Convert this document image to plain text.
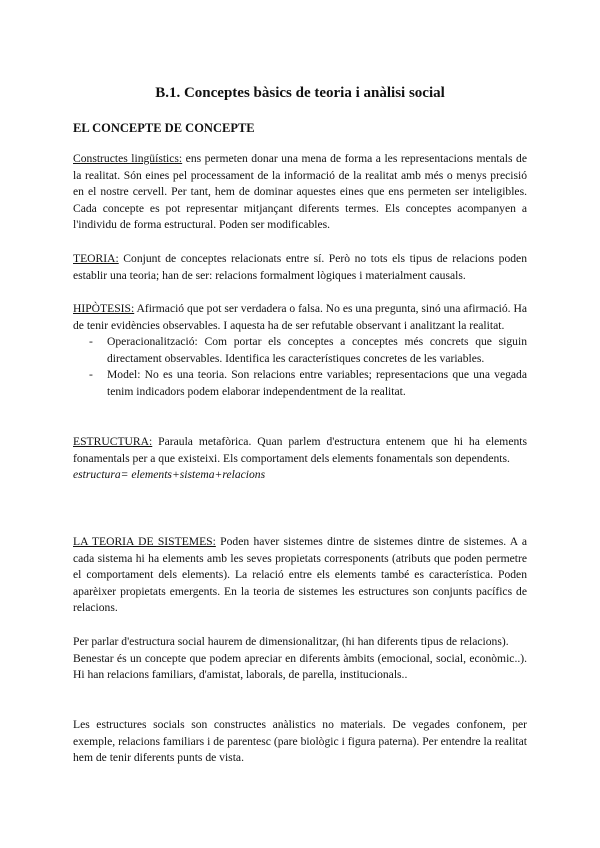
B.1. Conceptes bàsics de teoria i anàlisi social
EL CONCEPTE DE CONCEPTE
Constructes lingüístics: ens permeten donar una mena de forma a les representacions mentals de la realitat. Són eines pel processament de la informació de la realitat amb més o menys precisió en el nostre cervell. Per tant, hem de dominar aquestes eines que ens permeten ser inteligibles. Cada concepte es pot representar mitjançant diferents termes. Els conceptes acompanyen a l'individu de forma estructural. Poden ser modificables.
TEORIA: Conjunt de conceptes relacionats entre sí. Però no tots els tipus de relacions poden establir una teoria; han de ser: relacions formalment lògiques i materialment causals.
HIPÒTESIS: Afirmació que pot ser verdadera o falsa. No es una pregunta, sinó una afirmació. Ha de tenir evidències observables. I aquesta ha de ser refutable observant i analitzant la realitat.
- Operacionalització: Com portar els conceptes a conceptes més concrets que siguin directament observables. Identifica les característiques concretes de les variables.
- Model: No es una teoria. Son relacions entre variables; representacions que una vegada tenim indicadors podem elaborar independentment de la realitat.
ESTRUCTURA: Paraula metafòrica. Quan parlem d'estructura entenem que hi ha elements fonamentals per a que existeixi. Els comportament dels elements fonamentals son dependents.
estructura= elements+sistema+relacions
LA TEORIA DE SISTEMES: Poden haver sistemes dintre de sistemes dintre de sistemes. A a cada sistema hi ha elements amb les seves propietats corresponents (atributs que poden permetre el comportament dels elements). La relació entre els elements també es característica. Poden aparèixer propietats emergents. En la teoria de sistemes les estructures son conjunts pacífics de relacions.
Per parlar d'estructura social haurem de dimensionalitzar, (hi han diferents tipus de relacions).
Benestar és un concepte que podem apreciar en diferents àmbits (emocional, social, econòmic..). Hi han relacions familiars, d'amistat, laborals, de parella, institucionals..
Les estructures socials son constructes anàlistics no materials. De vegades confonem, per exemple, relacions familiars i de parentesc (pare biològic i figura paterna). Per entendre la realitat hem de tenir diferents punts de vista.
